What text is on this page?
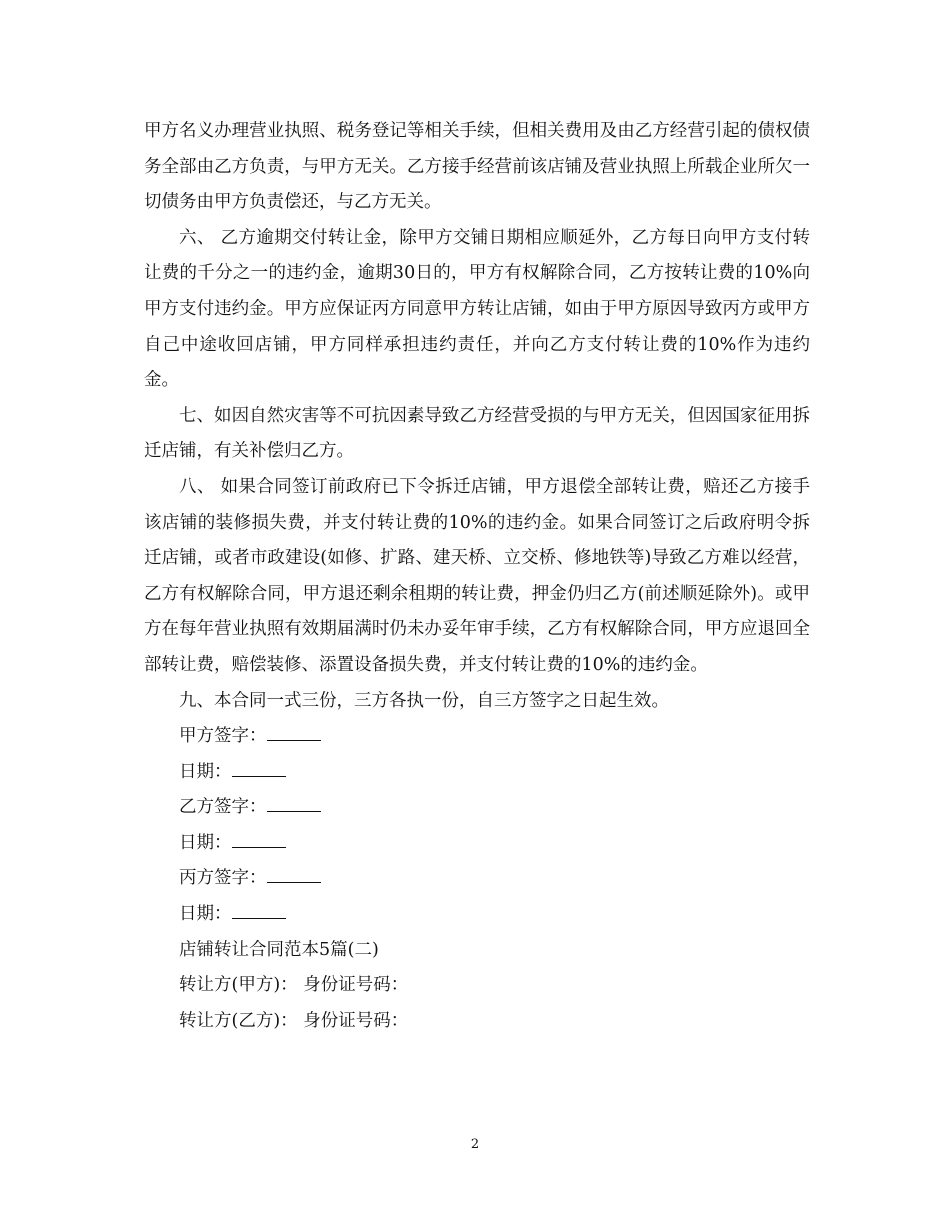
甲方名义办理营业执照、税务登记等相关手续，但相关费用及由乙方经营引起的债权债务全部由乙方负责，与甲方无关。乙方接手经营前该店铺及营业执照上所载企业所欠一切债务由甲方负责偿还，与乙方无关。

六、 乙方逾期交付转让金，除甲方交铺日期相应顺延外，乙方每日向甲方支付转让费的千分之一的违约金，逾期30日的，甲方有权解除合同，乙方按转让费的10%向甲方支付违约金。甲方应保证丙方同意甲方转让店铺，如由于甲方原因导致丙方或甲方自己中途收回店铺，甲方同样承担违约责任，并向乙方支付转让费的10%作为违约金。

七、如因自然灾害等不可抗因素导致乙方经营受损的与甲方无关，但因国家征用拆迁店铺，有关补偿归乙方。

八、 如果合同签订前政府已下令拆迁店铺，甲方退偿全部转让费，赔还乙方接手该店铺的装修损失费，并支付转让费的10%的违约金。如果合同签订之后政府明令拆迁店铺，或者市政建设(如修、扩路、建天桥、立交桥、修地铁等)导致乙方难以经营，乙方有权解除合同，甲方退还剩余租期的转让费，押金仍归乙方(前述顺延除外)。或甲方在每年营业执照有效期届满时仍未办妥年审手续，乙方有权解除合同，甲方应退回全部转让费，赔偿装修、添置设备损失费，并支付转让费的10%的违约金。

九、本合同一式三份，三方各执一份，自三方签字之日起生效。

甲方签字：

日期：

乙方签字：

日期：

丙方签字：

日期：

店铺转让合同范本5篇(二)

转让方(甲方)： 身份证号码：

转让方(乙方)： 身份证号码：

2
